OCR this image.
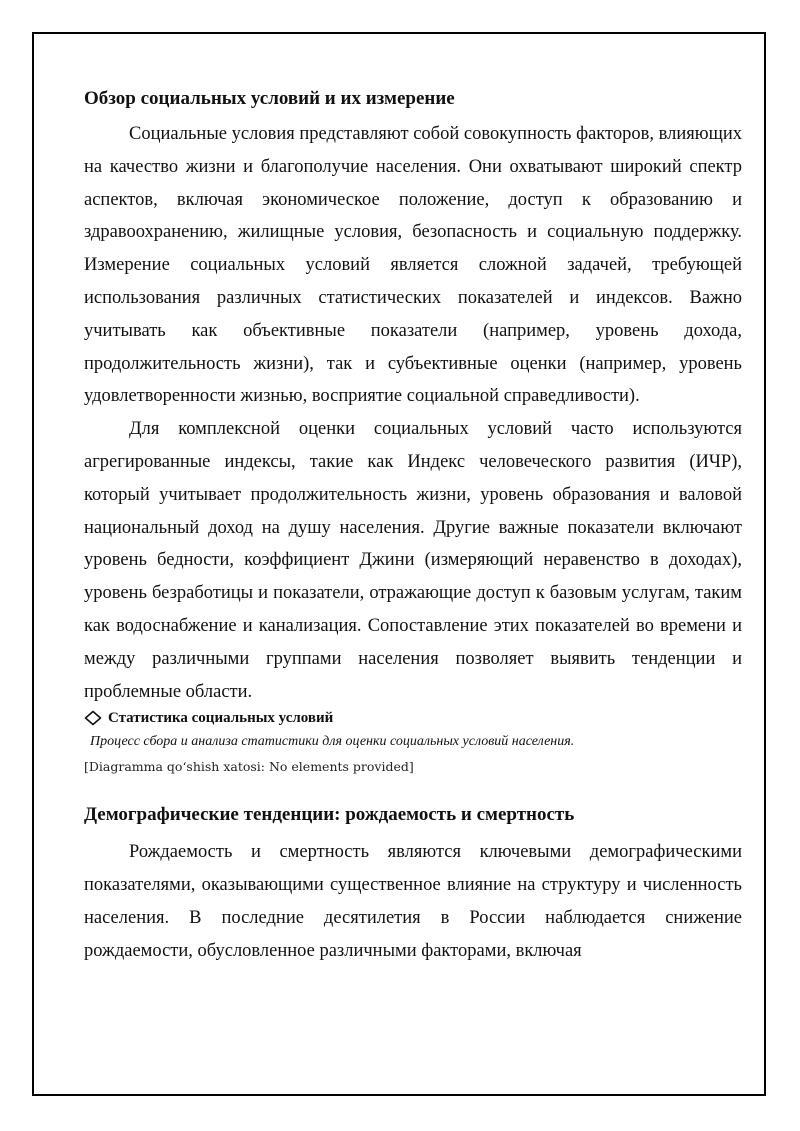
Обзор социальных условий и их измерение

Социальные условия представляют собой совокупность факторов, влияющих на качество жизни и благополучие населения. Они охватывают широкий спектр аспектов, включая экономическое положение, доступ к образованию и здравоохранению, жилищные условия, безопасность и социальную поддержку. Измерение социальных условий является сложной задачей, требующей использования различных статистических показателей и индексов. Важно учитывать как объективные показатели (например, уровень дохода, продолжительность жизни), так и субъективные оценки (например, уровень удовлетворенности жизнью, восприятие социальной справедливости).

Для комплексной оценки социальных условий часто используются агрегированные индексы, такие как Индекс человеческого развития (ИЧР), который учитывает продолжительность жизни, уровень образования и валовой национальный доход на душу населения. Другие важные показатели включают уровень бедности, коэффициент Джини (измеряющий неравенство в доходах), уровень безработицы и показатели, отражающие доступ к базовым услугам, таким как водоснабжение и канализация. Сопоставление этих показателей во времени и между различными группами населения позволяет выявить тенденции и проблемные области.

Статистика социальных условий
Процесс сбора и анализа статистики для оценки социальных условий населения.
[Diagramma qo‘shish xatosi: No elements provided]
Демографические тенденции: рождаемость и смертность

Рождаемость и смертность являются ключевыми демографическими показателями, оказывающими существенное влияние на структуру и численность населения. В последние десятилетия в России наблюдается снижение рождаемости, обусловленное различными факторами, включая
